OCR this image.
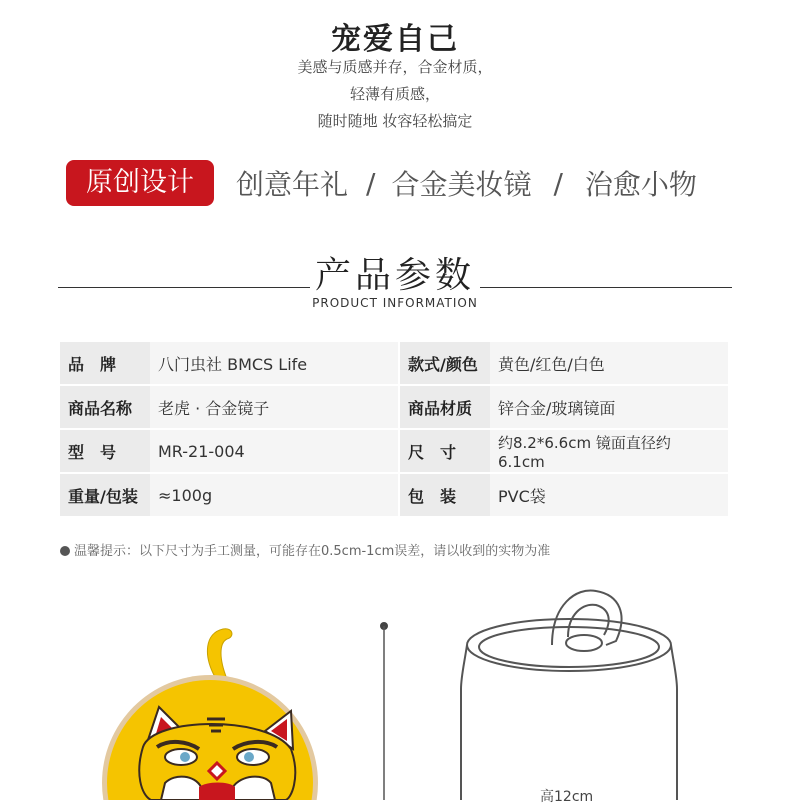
宠爱自己
美感与质感并存，合金材质，
轻薄有质感，
随时随地 妆容轻松搞定
原创设计	创意年礼 / 合金美妆镜 / 治愈小物
产品参数
PRODUCT INFORMATION
品　牌	八门虫社 BMCS Life	款式/颜色	黄色/红色/白色
商品名称	老虎 · 合金镜子	商品材质	锌合金/玻璃镜面
型　号	MR-21-004	尺　寸	约8.2*6.6cm 镜面直径约 6.1cm
重量/包装	≈100g	包　装	PVC袋
温馨提示：以下尺寸为手工测量，可能存在0.5cm-1cm误差，请以收到的实物为准
高12cm
